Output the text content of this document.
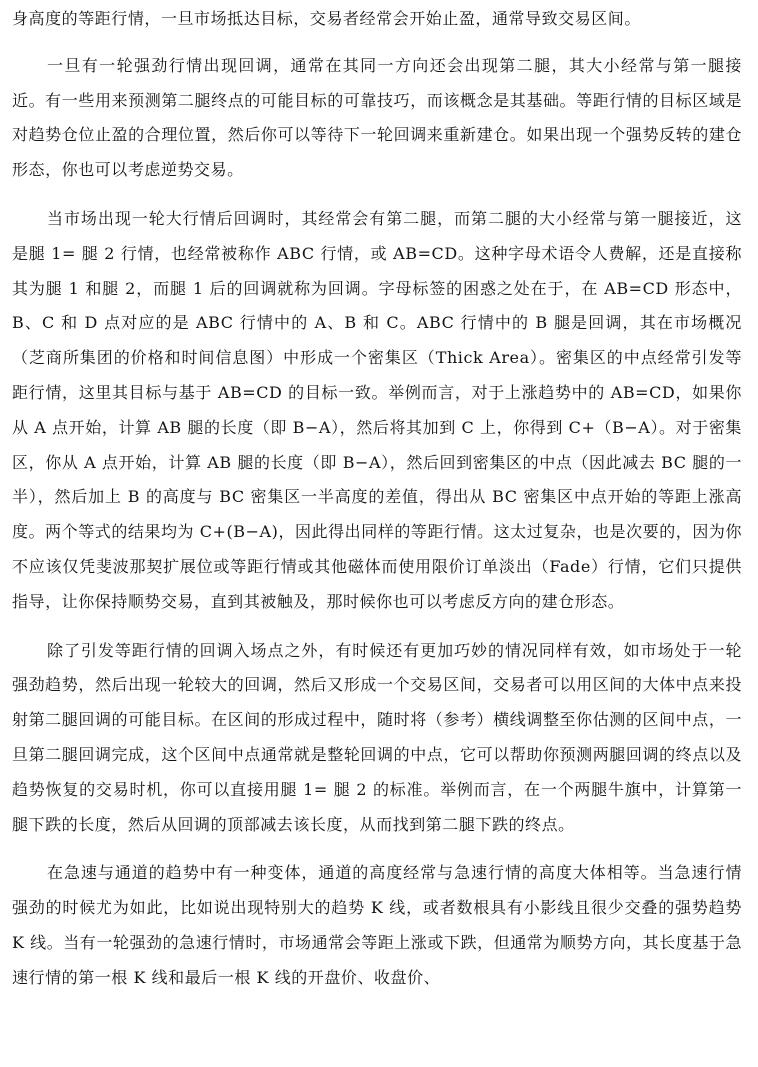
身高度的等距行情，一旦市场抵达目标，交易者经常会开始止盈，通常导致交易区间。

一旦有一轮强劲行情出现回调，通常在其同一方向还会出现第二腿，其大小经常与第一腿接近。有一些用来预测第二腿终点的可能目标的可靠技巧，而该概念是其基础。等距行情的目标区域是对趋势仓位止盈的合理位置，然后你可以等待下一轮回调来重新建仓。如果出现一个强势反转的建仓形态，你也可以考虑逆势交易。

当市场出现一轮大行情后回调时，其经常会有第二腿，而第二腿的大小经常与第一腿接近，这是腿 1= 腿 2 行情，也经常被称作 ABC 行情，或 AB=CD。这种字母术语令人费解，还是直接称其为腿 1 和腿 2，而腿 1 后的回调就称为回调。字母标签的困惑之处在于，在 AB=CD 形态中，B、C 和 D 点对应的是 ABC 行情中的 A、B 和 C。ABC 行情中的 B 腿是回调，其在市场概况（芝商所集团的价格和时间信息图）中形成一个密集区（Thick Area）。密集区的中点经常引发等距行情，这里其目标与基于 AB=CD 的目标一致。举例而言，对于上涨趋势中的 AB=CD，如果你从 A 点开始，计算 AB 腿的长度（即 B−A），然后将其加到 C 上，你得到 C+（B−A）。对于密集区，你从 A 点开始，计算 AB 腿的长度（即 B−A），然后回到密集区的中点（因此减去 BC 腿的一半），然后加上 B 的高度与 BC 密集区一半高度的差值，得出从 BC 密集区中点开始的等距上涨高度。两个等式的结果均为 C+(B−A)，因此得出同样的等距行情。这太过复杂，也是次要的，因为你不应该仅凭斐波那契扩展位或等距行情或其他磁体而使用限价订单淡出（Fade）行情，它们只提供指导，让你保持顺势交易，直到其被触及，那时候你也可以考虑反方向的建仓形态。

除了引发等距行情的回调入场点之外，有时候还有更加巧妙的情况同样有效，如市场处于一轮强劲趋势，然后出现一轮较大的回调，然后又形成一个交易区间，交易者可以用区间的大体中点来投射第二腿回调的可能目标。在区间的形成过程中，随时将（参考）横线调整至你估测的区间中点，一旦第二腿回调完成，这个区间中点通常就是整轮回调的中点，它可以帮助你预测两腿回调的终点以及趋势恢复的交易时机，你可以直接用腿 1= 腿 2 的标准。举例而言，在一个两腿牛旗中，计算第一腿下跌的长度，然后从回调的顶部减去该长度，从而找到第二腿下跌的终点。

在急速与通道的趋势中有一种变体，通道的高度经常与急速行情的高度大体相等。当急速行情强劲的时候尤为如此，比如说出现特别大的趋势 K 线，或者数根具有小影线且很少交叠的强势趋势 K 线。当有一轮强劲的急速行情时，市场通常会等距上涨或下跌，但通常为顺势方向，其长度基于急速行情的第一根 K 线和最后一根 K 线的开盘价、收盘价、
